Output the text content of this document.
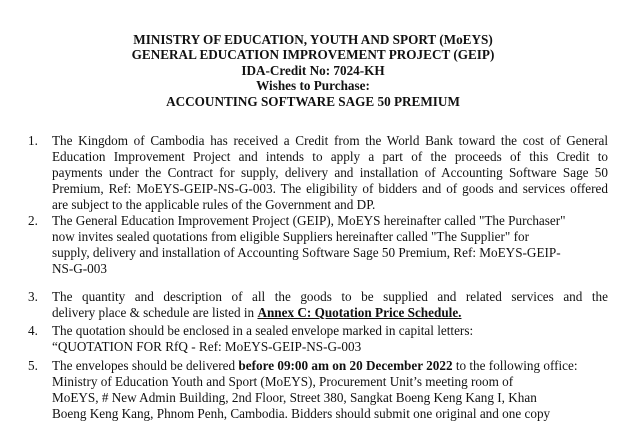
MINISTRY OF EDUCATION, YOUTH AND SPORT (MoEYS)
GENERAL EDUCATION IMPROVEMENT PROJECT (GEIP)
IDA-Credit No: 7024-KH
Wishes to Purchase:
ACCOUNTING SOFTWARE SAGE 50 PREMIUM
1. The Kingdom of Cambodia has received a Credit from the World Bank toward the cost of General
Education Improvement Project and intends to apply a part of the proceeds of this Credit to
payments under the Contract for supply, delivery and installation of Accounting Software Sage 50
Premium, Ref: MoEYS-GEIP-NS-G-003. The eligibility of bidders and of goods and services offered
are subject to the applicable rules of the Government and DP.
2. The General Education Improvement Project (GEIP), MoEYS hereinafter called "The Purchaser"
now invites sealed quotations from eligible Suppliers hereinafter called "The Supplier" for
supply, delivery and installation of Accounting Software Sage 50 Premium, Ref: MoEYS-GEIP-
NS-G-003
3. The quantity and description of all the goods to be supplied and related services and the
delivery place & schedule are listed in Annex C: Quotation Price Schedule.
4. The quotation should be enclosed in a sealed envelope marked in capital letters:
“QUOTATION FOR RfQ - Ref: MoEYS-GEIP-NS-G-003
5. The envelopes should be delivered before 09:00 am on 20 December 2022 to the following office:
Ministry of Education Youth and Sport (MoEYS), Procurement Unit’s meeting room of
MoEYS, # New Admin Building, 2nd Floor, Street 380, Sangkat Boeng Keng Kang I, Khan
Boeng Keng Kang, Phnom Penh, Cambodia. Bidders should submit one original and one copy
